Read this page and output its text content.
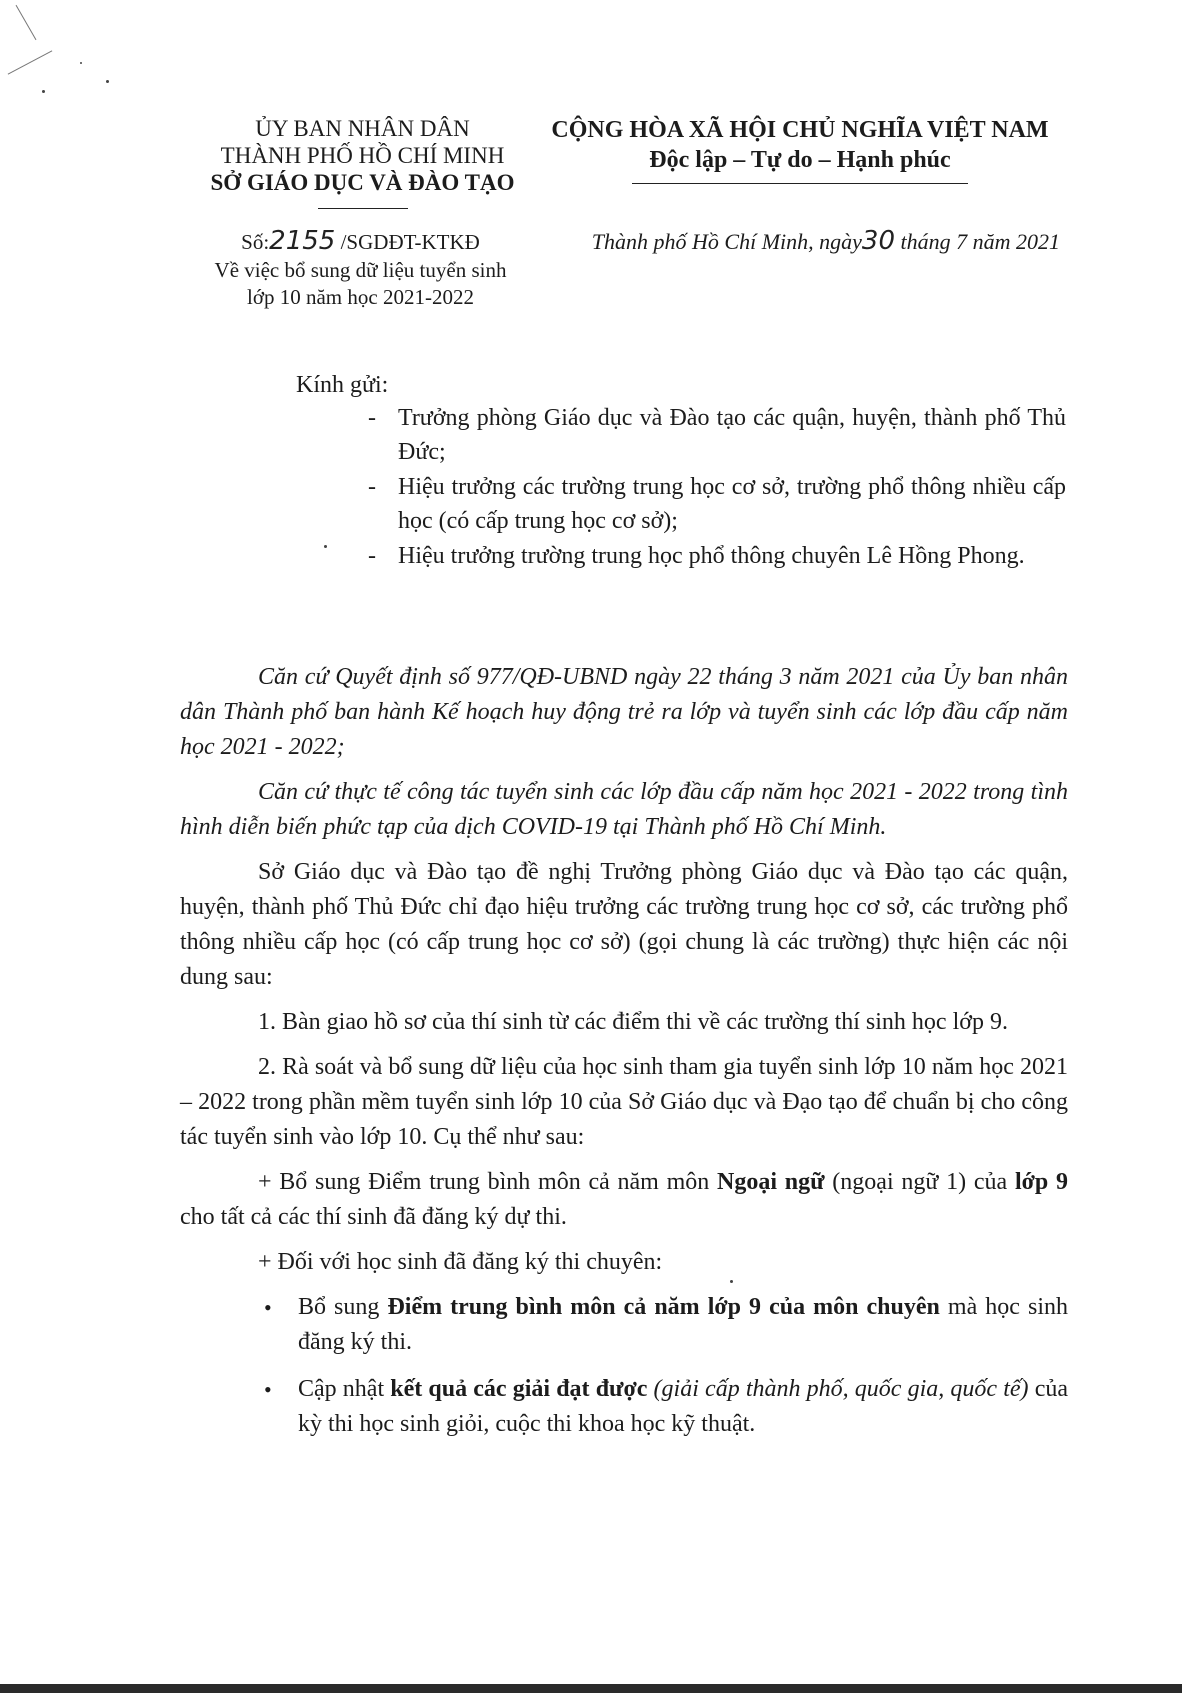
ỦY BAN NHÂN DÂN
THÀNH PHỐ HỒ CHÍ MINH
SỞ GIÁO DỤC VÀ ĐÀO TẠO
CỘNG HÒA XÃ HỘI CHỦ NGHĨA VIỆT NAM
Độc lập – Tự do – Hạnh phúc
Số:2155 /SGDĐT-KTKĐ
Về việc bổ sung dữ liệu tuyển sinh
lớp 10 năm học 2021-2022
Thành phố Hồ Chí Minh, ngày30 tháng 7 năm 2021
Kính gửi:
- Trưởng phòng Giáo dục và Đào tạo các quận, huyện, thành phố Thủ Đức;
- Hiệu trưởng các trường trung học cơ sở, trường phổ thông nhiều cấp học (có cấp trung học cơ sở);
- Hiệu trưởng trường trung học phổ thông chuyên Lê Hồng Phong.

Căn cứ Quyết định số 977/QĐ-UBND ngày 22 tháng 3 năm 2021 của Ủy ban nhân dân Thành phố ban hành Kế hoạch huy động trẻ ra lớp và tuyển sinh các lớp đầu cấp năm học 2021 - 2022;

Căn cứ thực tế công tác tuyển sinh các lớp đầu cấp năm học 2021 - 2022 trong tình hình diễn biến phức tạp của dịch COVID-19 tại Thành phố Hồ Chí Minh.

Sở Giáo dục và Đào tạo đề nghị Trưởng phòng Giáo dục và Đào tạo các quận, huyện, thành phố Thủ Đức chỉ đạo hiệu trưởng các trường trung học cơ sở, các trường phổ thông nhiều cấp học (có cấp trung học cơ sở) (gọi chung là các trường) thực hiện các nội dung sau:

1. Bàn giao hồ sơ của thí sinh từ các điểm thi về các trường thí sinh học lớp 9.

2. Rà soát và bổ sung dữ liệu của học sinh tham gia tuyển sinh lớp 10 năm học 2021 – 2022 trong phần mềm tuyển sinh lớp 10 của Sở Giáo dục và Đạo tạo để chuẩn bị cho công tác tuyển sinh vào lớp 10. Cụ thể như sau:

+ Bổ sung Điểm trung bình môn cả năm môn Ngoại ngữ (ngoại ngữ 1) của lớp 9 cho tất cả các thí sinh đã đăng ký dự thi.

+ Đối với học sinh đã đăng ký thi chuyên:

• Bổ sung Điểm trung bình môn cả năm lớp 9 của môn chuyên mà học sinh đăng ký thi.
• Cập nhật kết quả các giải đạt được (giải cấp thành phố, quốc gia, quốc tế) của kỳ thi học sinh giỏi, cuộc thi khoa học kỹ thuật.
